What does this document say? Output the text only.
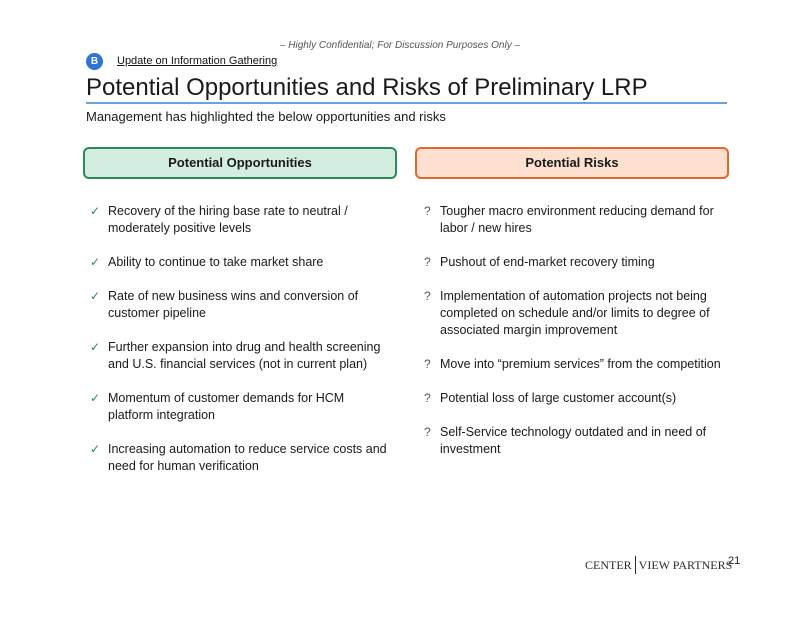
– Highly Confidential; For Discussion Purposes Only –
B	Update on Information Gathering
Potential Opportunities and Risks of Preliminary LRP
Management has highlighted the below opportunities and risks
Potential Opportunities	Potential Risks
✓ Recovery of the hiring base rate to neutral / moderately positive levels
✓ Ability to continue to take market share
✓ Rate of new business wins and conversion of customer pipeline
✓ Further expansion into drug and health screening and U.S. financial services (not in current plan)
✓ Momentum of customer demands for HCM platform integration
✓ Increasing automation to reduce service costs and need for human verification
? Tougher macro environment reducing demand for labor / new hires
? Pushout of end-market recovery timing
? Implementation of automation projects not being completed on schedule and/or limits to degree of associated margin improvement
? Move into “premium services” from the competition
? Potential loss of large customer account(s)
? Self-Service technology outdated and in need of investment
CENTER VIEW PARTNERS
21
